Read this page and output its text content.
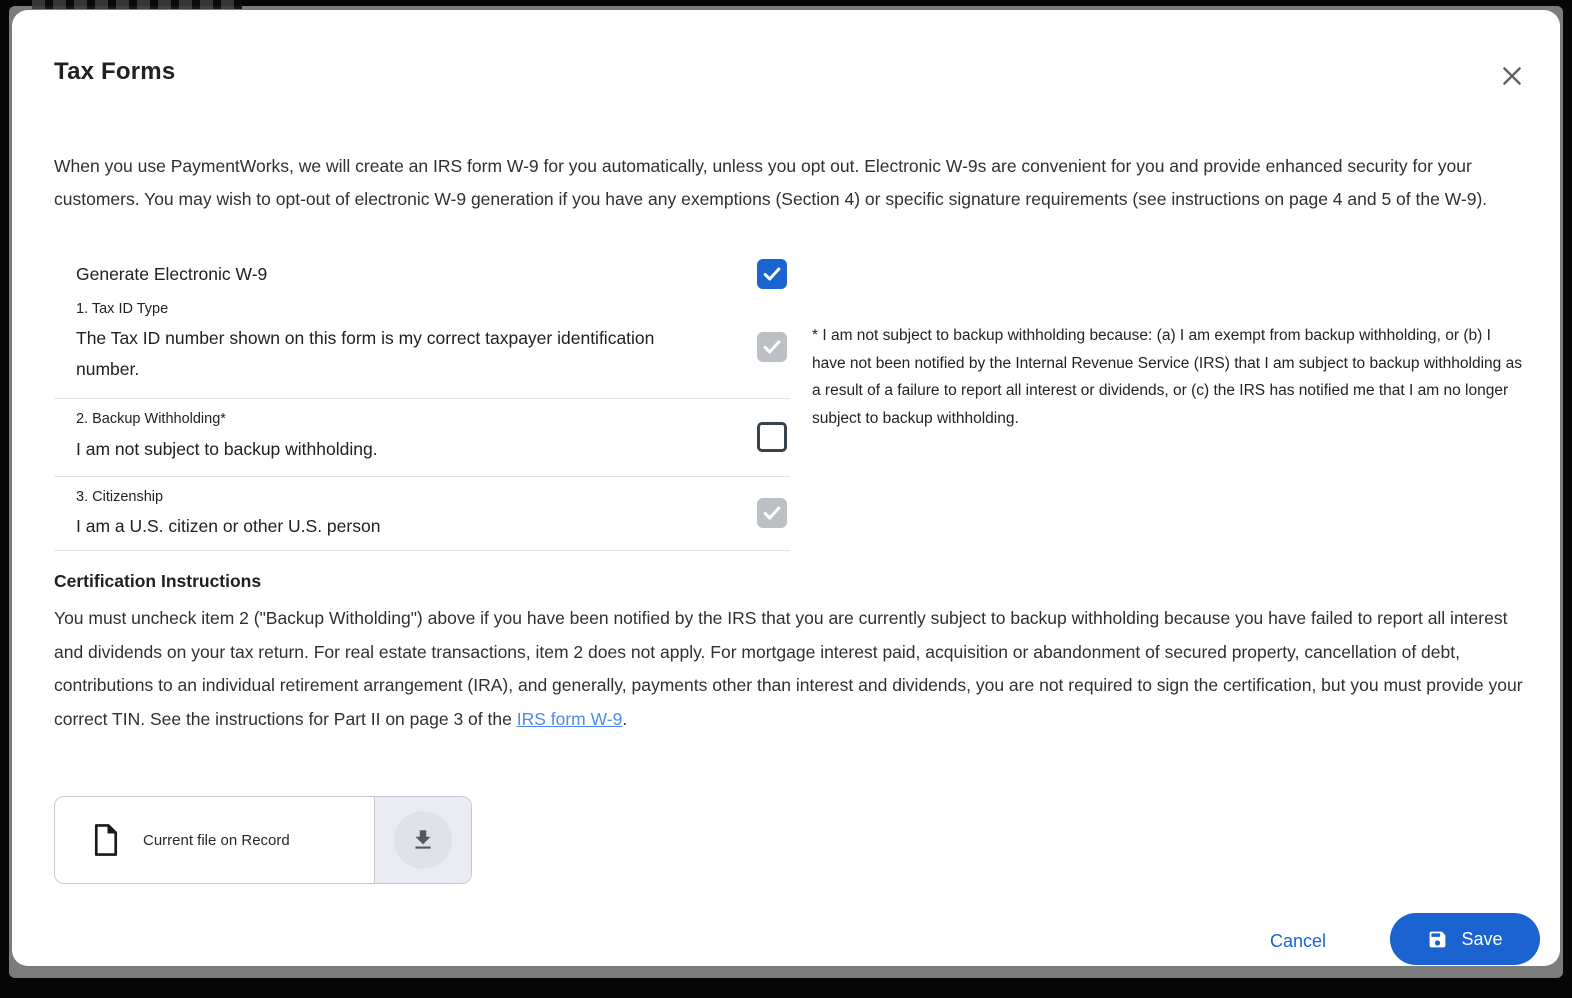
Tax Forms

When you use PaymentWorks, we will create an IRS form W-9 for you automatically, unless you opt out. Electronic W-9s are convenient for you and provide enhanced security for your customers. You may wish to opt-out of electronic W-9 generation if you have any exemptions (Section 4) or specific signature requirements (see instructions on page 4 and 5 of the W-9).

Generate Electronic W-9
1. Tax ID Type
The Tax ID number shown on this form is my correct taxpayer identification number.
2. Backup Withholding*
I am not subject to backup withholding.
3. Citizenship
I am a U.S. citizen or other U.S. person

* I am not subject to backup withholding because: (a) I am exempt from backup withholding, or (b) I have not been notified by the Internal Revenue Service (IRS) that I am subject to backup withholding as a result of a failure to report all interest or dividends, or (c) the IRS has notified me that I am no longer subject to backup withholding.

Certification Instructions

You must uncheck item 2 ("Backup Witholding") above if you have been notified by the IRS that you are currently subject to backup withholding because you have failed to report all interest and dividends on your tax return. For real estate transactions, item 2 does not apply. For mortgage interest paid, acquisition or abandonment of secured property, cancellation of debt, contributions to an individual retirement arrangement (IRA), and generally, payments other than interest and dividends, you are not required to sign the certification, but you must provide your correct TIN. See the instructions for Part II on page 3 of the IRS form W-9.

Current file on Record
Cancel	Save
